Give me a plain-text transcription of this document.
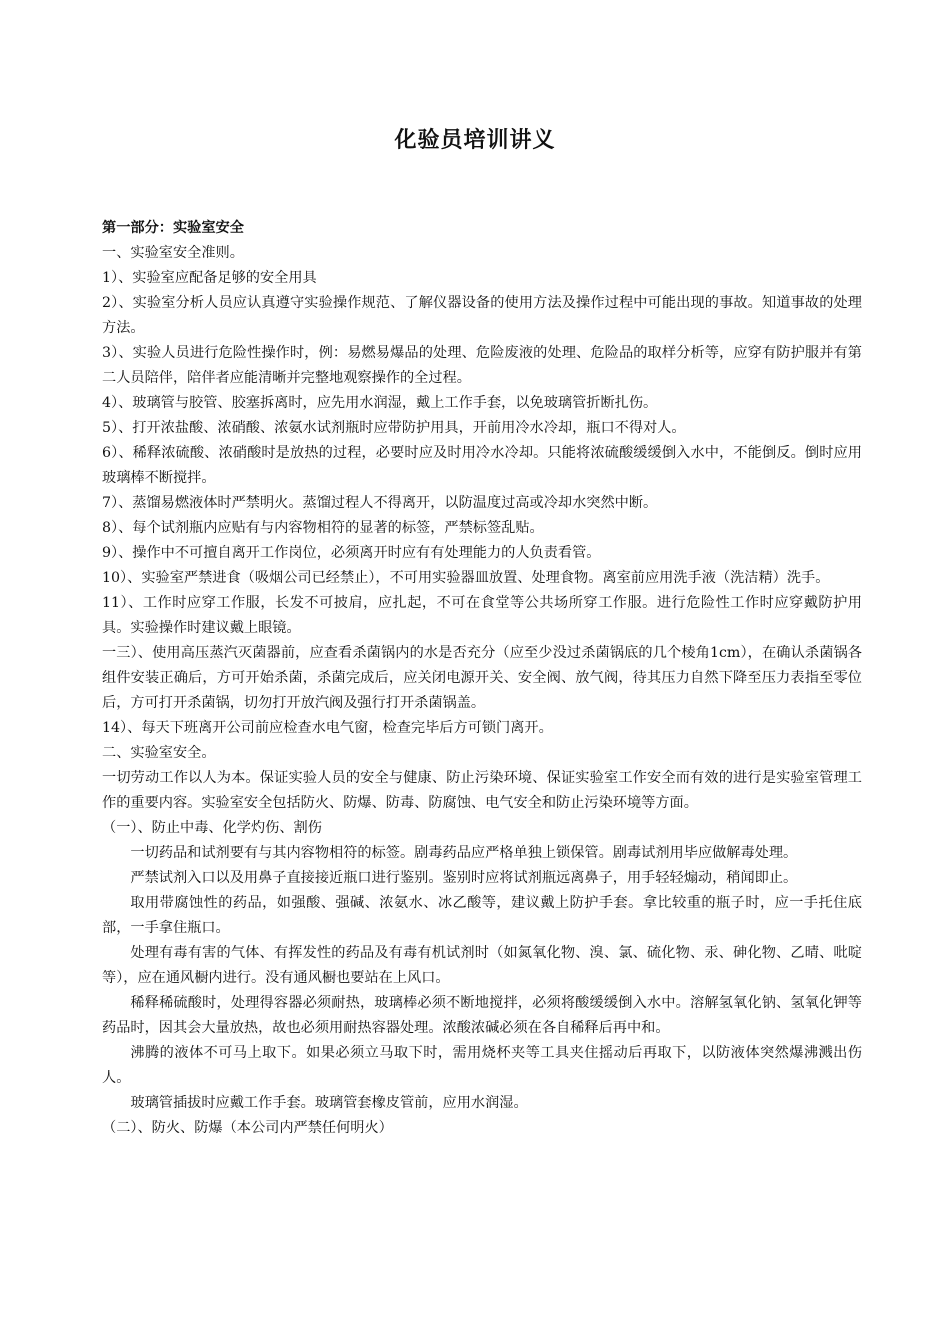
化验员培训讲义

第一部分：实验室安全

一、实验室安全准则。

1）、实验室应配备足够的安全用具

2）、实验室分析人员应认真遵守实验操作规范、了解仪器设备的使用方法及操作过程中可能出现的事故。知道事故的处理方法。

3）、实验人员进行危险性操作时，例：易燃易爆品的处理、危险废液的处理、危险品的取样分析等，应穿有防护服并有第二人员陪伴，陪伴者应能清晰并完整地观察操作的全过程。

4）、玻璃管与胶管、胶塞拆离时，应先用水润湿，戴上工作手套，以免玻璃管折断扎伤。

5）、打开浓盐酸、浓硝酸、浓氨水试剂瓶时应带防护用具，开前用冷水冷却，瓶口不得对人。

6）、稀释浓硫酸、浓硝酸时是放热的过程，必要时应及时用冷水冷却。只能将浓硫酸缓缓倒入水中，不能倒反。倒时应用玻璃棒不断搅拌。

7）、蒸馏易燃液体时严禁明火。蒸馏过程人不得离开，以防温度过高或冷却水突然中断。

8）、每个试剂瓶内应贴有与内容物相符的显著的标签，严禁标签乱贴。

9）、操作中不可擅自离开工作岗位，必须离开时应有有处理能力的人负责看管。

10）、实验室严禁进食（吸烟公司已经禁止），不可用实验器皿放置、处理食物。离室前应用洗手液（洗洁精）洗手。

11）、工作时应穿工作服，长发不可披肩，应扎起，不可在食堂等公共场所穿工作服。进行危险性工作时应穿戴防护用具。实验操作时建议戴上眼镜。

一三）、使用高压蒸汽灭菌器前，应查看杀菌锅内的水是否充分（应至少没过杀菌锅底的几个棱角1cm），在确认杀菌锅各组件安装正确后，方可开始杀菌，杀菌完成后，应关闭电源开关、安全阀、放气阀，待其压力自然下降至压力表指至零位后，方可打开杀菌锅，切勿打开放汽阀及强行打开杀菌锅盖。

14）、每天下班离开公司前应检查水电气窗，检查完毕后方可锁门离开。

二、实验室安全。

一切劳动工作以人为本。保证实验人员的安全与健康、防止污染环境、保证实验室工作安全而有效的进行是实验室管理工作的重要内容。实验室安全包括防火、防爆、防毒、防腐蚀、电气安全和防止污染环境等方面。

（一）、防止中毒、化学灼伤、割伤

一切药品和试剂要有与其内容物相符的标签。剧毒药品应严格单独上锁保管。剧毒试剂用毕应做解毒处理。

严禁试剂入口以及用鼻子直接接近瓶口进行鉴别。鉴别时应将试剂瓶远离鼻子，用手轻轻煽动，稍闻即止。

取用带腐蚀性的药品，如强酸、强碱、浓氨水、冰乙酸等，建议戴上防护手套。拿比较重的瓶子时，应一手托住底部，一手拿住瓶口。

处理有毒有害的气体、有挥发性的药品及有毒有机试剂时（如氮氧化物、溴、氯、硫化物、汞、砷化物、乙晴、吡啶等），应在通风橱内进行。没有通风橱也要站在上风口。

稀释稀硫酸时，处理得容器必须耐热，玻璃棒必须不断地搅拌，必须将酸缓缓倒入水中。溶解氢氧化钠、氢氧化钾等药品时，因其会大量放热，故也必须用耐热容器处理。浓酸浓碱必须在各自稀释后再中和。

沸腾的液体不可马上取下。如果必须立马取下时，需用烧杯夹等工具夹住摇动后再取下，以防液体突然爆沸溅出伤人。

玻璃管插拔时应戴工作手套。玻璃管套橡皮管前，应用水润湿。

（二）、防火、防爆（本公司内严禁任何明火）
